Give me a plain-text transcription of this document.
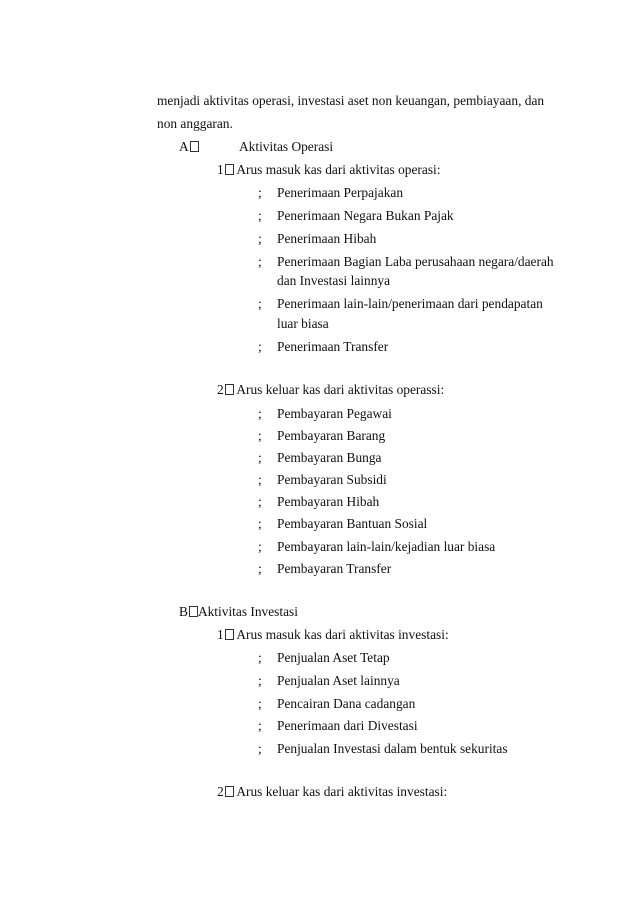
menjadi aktivitas operasi, investasi aset non keuangan, pembiayaan, dan
non anggaran.
A	Aktivitas Operasi
1 Arus masuk kas dari aktivitas operasi:
; Penerimaan Perpajakan
; Penerimaan Negara Bukan Pajak
; Penerimaan Hibah
; Penerimaan Bagian Laba perusahaan negara/daerah
dan Investasi lainnya
; Penerimaan lain-lain/penerimaan dari pendapatan
luar biasa
; Penerimaan Transfer
2 Arus keluar kas dari aktivitas operassi:
; Pembayaran Pegawai
; Pembayaran Barang
; Pembayaran Bunga
; Pembayaran Subsidi
; Pembayaran Hibah
; Pembayaran Bantuan Sosial
; Pembayaran lain-lain/kejadian luar biasa
; Pembayaran Transfer
B Aktivitas Investasi
1 Arus masuk kas dari aktivitas investasi:
; Penjualan Aset Tetap
; Penjualan Aset lainnya
; Pencairan Dana cadangan
; Penerimaan dari Divestasi
; Penjualan Investasi dalam bentuk sekuritas
2 Arus keluar kas dari aktivitas investasi:
